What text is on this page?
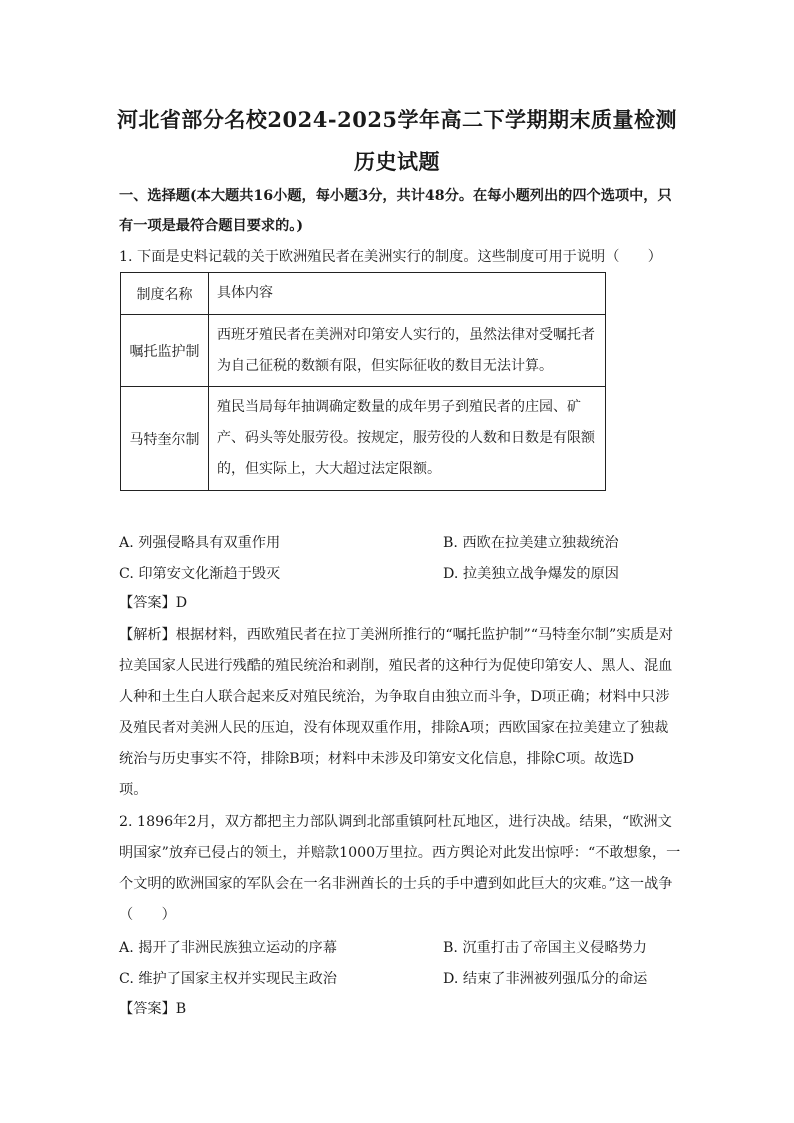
河北省部分名校2024-2025学年高二下学期期末质量检测
历史试题
一、选择题(本大题共16小题，每小题3分，共计48分。在每小题列出的四个选项中，只
有一项是最符合题目要求的。)
1. 下面是史料记载的关于欧洲殖民者在美洲实行的制度。这些制度可用于说明（　　）
制度名称	具体内容
嘱托监护制	西班牙殖民者在美洲对印第安人实行的，虽然法律对受嘱托者
为自己征税的数额有限，但实际征收的数目无法计算。

马特奎尔制	殖民当局每年抽调确定数量的成年男子到殖民者的庄园、矿
产、码头等处服劳役。按规定，服劳役的人数和日数是有限额
的，但实际上，大大超过法定限额。
A. 列强侵略具有双重作用	B. 西欧在拉美建立独裁统治
C. 印第安文化渐趋于毁灭	D. 拉美独立战争爆发的原因
【答案】D
【解析】根据材料，西欧殖民者在拉丁美洲所推行的“嘱托监护制”“马特奎尔制”实质是对
拉美国家人民进行残酷的殖民统治和剥削，殖民者的这种行为促使印第安人、黑人、混血
人种和土生白人联合起来反对殖民统治，为争取自由独立而斗争，D项正确；材料中只涉
及殖民者对美洲人民的压迫，没有体现双重作用，排除A项；西欧国家在拉美建立了独裁
统治与历史事实不符，排除B项；材料中未涉及印第安文化信息，排除C项。故选D
项。
2. 1896年2月，双方都把主力部队调到北部重镇阿杜瓦地区，进行决战。结果，“欧洲文
明国家”放弃已侵占的领土，并赔款1000万里拉。西方舆论对此发出惊呼：“不敢想象，一
个文明的欧洲国家的军队会在一名非洲酋长的士兵的手中遭到如此巨大的灾难。”这一战争
（　　）
A. 揭开了非洲民族独立运动的序幕	B. 沉重打击了帝国主义侵略势力
C. 维护了国家主权并实现民主政治	D. 结束了非洲被列强瓜分的命运
【答案】B
